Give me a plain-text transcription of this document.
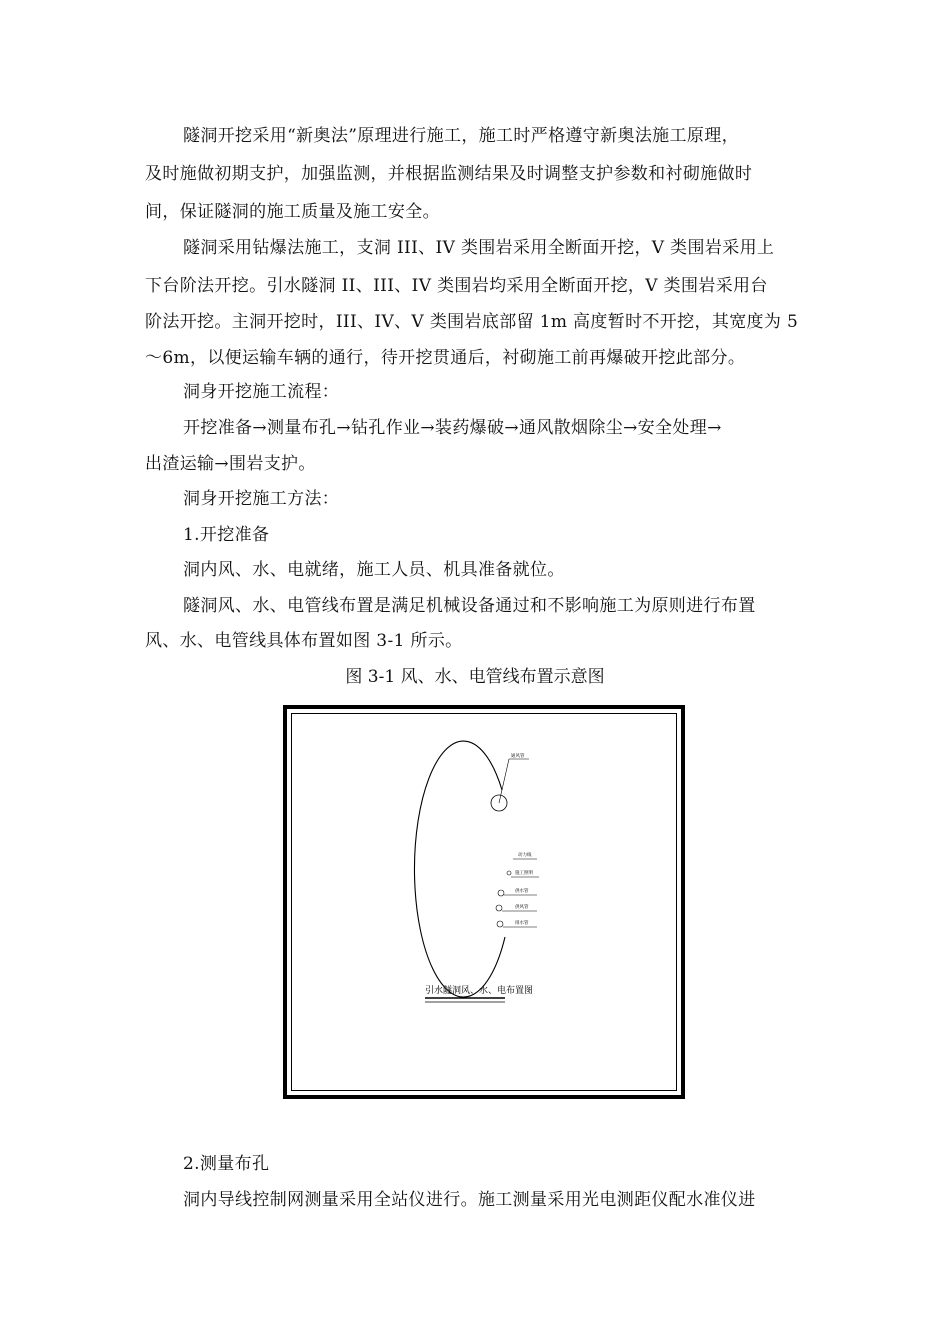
隧洞开挖采用“新奥法”原理进行施工，施工时严格遵守新奥法施工原理，
及时施做初期支护，加强监测，并根据监测结果及时调整支护参数和衬砌施做时
间，保证隧洞的施工质量及施工安全。
隧洞采用钻爆法施工，支洞 III、IV 类围岩采用全断面开挖，V 类围岩采用上
下台阶法开挖。引水隧洞 II、III、IV 类围岩均采用全断面开挖，V 类围岩采用台
阶法开挖。主洞开挖时，III、IV、V 类围岩底部留 1m 高度暂时不开挖，其宽度为 5
～6m，以便运输车辆的通行，待开挖贯通后，衬砌施工前再爆破开挖此部分。
洞身开挖施工流程：
开挖准备→测量布孔→钻孔作业→装药爆破→通风散烟除尘→安全处理→
出渣运输→围岩支护。
洞身开挖施工方法：
1.开挖准备
洞内风、水、电就绪，施工人员、机具准备就位。
隧洞风、水、电管线布置是满足机械设备通过和不影响施工为原则进行布置
风、水、电管线具体布置如图 3-1 所示。
图 3-1 风、水、电管线布置示意图
通风管
动力线
施工照明
供水管
供风管
排水管
引水隧洞风、水、电布置图
2.测量布孔
洞内导线控制网测量采用全站仪进行。施工测量采用光电测距仪配水准仪进
